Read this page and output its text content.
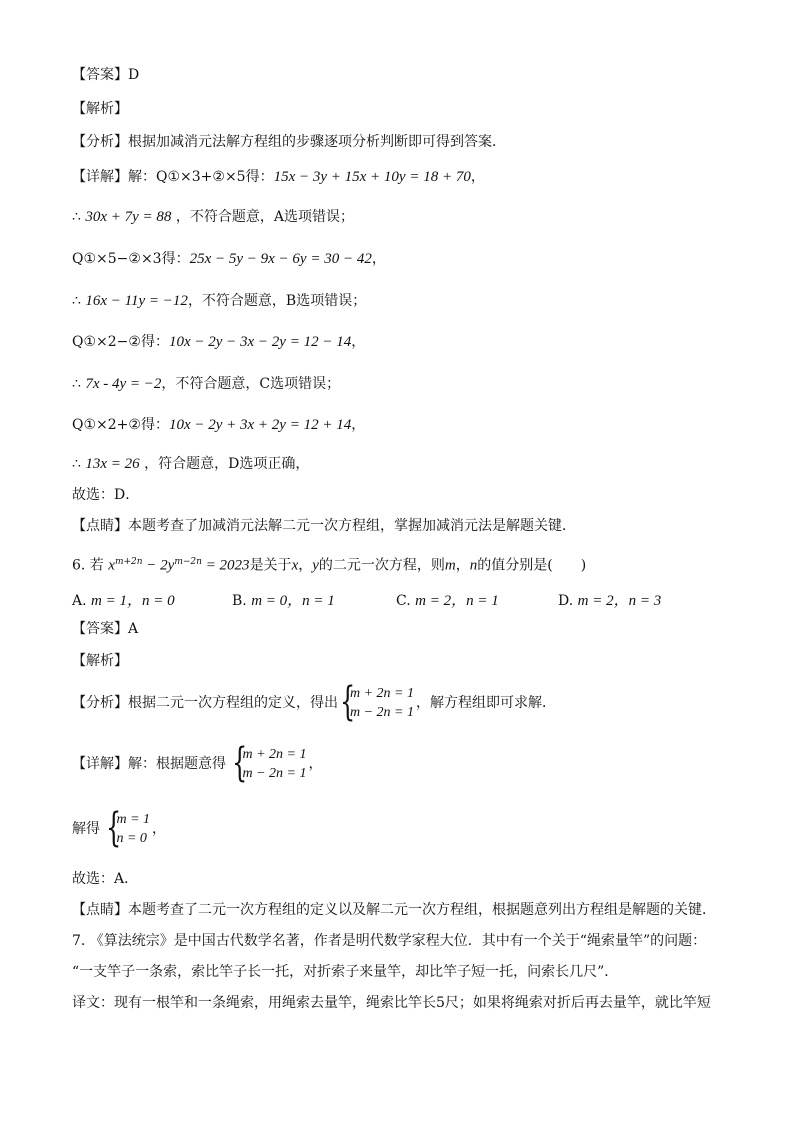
【答案】D
【解析】
【分析】根据加减消元法解方程组的步骤逐项分析判断即可得到答案．
【详解】解：Q①×3+②×5得：15x − 3y + 15x + 10y = 18 + 70，
∴ 30x + 7y = 88 ，不符合题意，A选项错误；
Q①×5−②×3得：25x − 5y − 9x − 6y = 30 − 42，
∴ 16x − 11y = −12，不符合题意，B选项错误；
Q①×2−②得：10x − 2y − 3x − 2y = 12 − 14，
∴ 7x - 4y = −2，不符合题意，C选项错误；
Q①×2+②得：10x − 2y + 3x + 2y = 12 + 14，
∴ 13x = 26 ，符合题意，D选项正确，
故选：D．
【点睛】本题考查了加减消元法解二元一次方程组，掌握加减消元法是解题关键．
6. 若 $x^{m+2n} - 2y^{m-2n} = 2023$是关于x，y的二元一次方程，则m，n的值分别是(　　)
A. m = 1，n = 0	B. m = 0，n = 1	C. m = 2，n = 1	D. m = 2，n = 3
【答案】A
【解析】
【分析】根据二元一次方程组的定义，得出 {
m + 2n = 1
m − 2n = 1
，解方程组即可求解．
【详解】解：根据题意得 {
m + 2n = 1
m − 2n = 1
，
解得 {
m = 1
n = 0
，
故选：A．
【点睛】本题考查了二元一次方程组的定义以及解二元一次方程组，根据题意列出方程组是解题的关键．
7. 《算法统宗》是中国古代数学名著，作者是明代数学家程大位．其中有一个关于“绳索量竿”的问题：
“一支竿子一条索，索比竿子长一托，对折索子来量竿，却比竿子短一托，问索长几尺”．
译文：现有一根竿和一条绳索，用绳索去量竿，绳索比竿长5尺；如果将绳索对折后再去量竿，就比竿短
